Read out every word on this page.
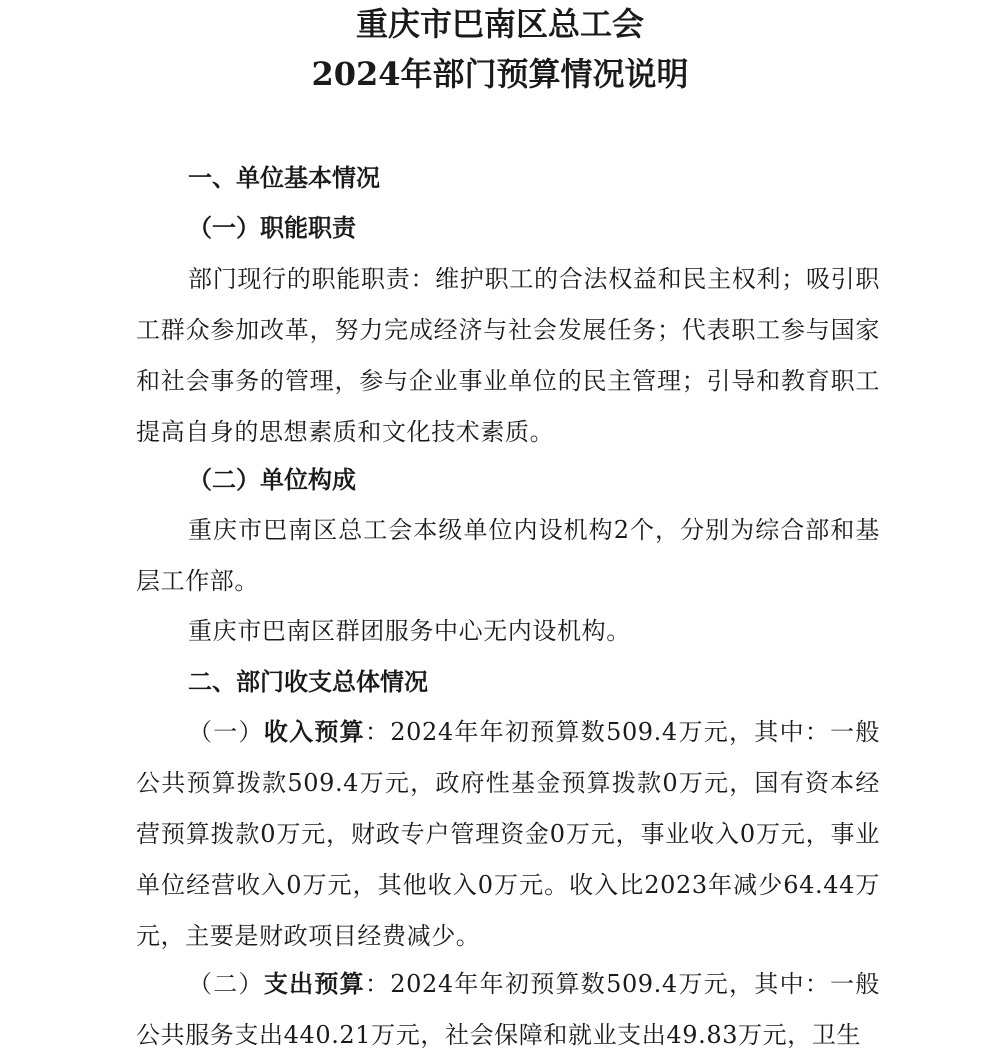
重庆市巴南区总工会
2024年部门预算情况说明
一、单位基本情况
（一）职能职责

部门现行的职能职责：维护职工的合法权益和民主权利；吸引职工群众参加改革，努力完成经济与社会发展任务；代表职工参与国家和社会事务的管理，参与企业事业单位的民主管理；引导和教育职工提高自身的思想素质和文化技术素质。

（二）单位构成

重庆市巴南区总工会本级单位内设机构2个，分别为综合部和基层工作部。

重庆市巴南区群团服务中心无内设机构。

二、部门收支总体情况

（一）收入预算：2024年年初预算数509.4万元，其中：一般公共预算拨款509.4万元，政府性基金预算拨款0万元，国有资本经营预算拨款0万元，财政专户管理资金0万元，事业收入0万元，事业单位经营收入0万元，其他收入0万元。收入比2023年减少64.44万元，主要是财政项目经费减少。

（二）支出预算：2024年年初预算数509.4万元，其中：一般公共服务支出440.21万元，社会保障和就业支出49.83万元，卫生
